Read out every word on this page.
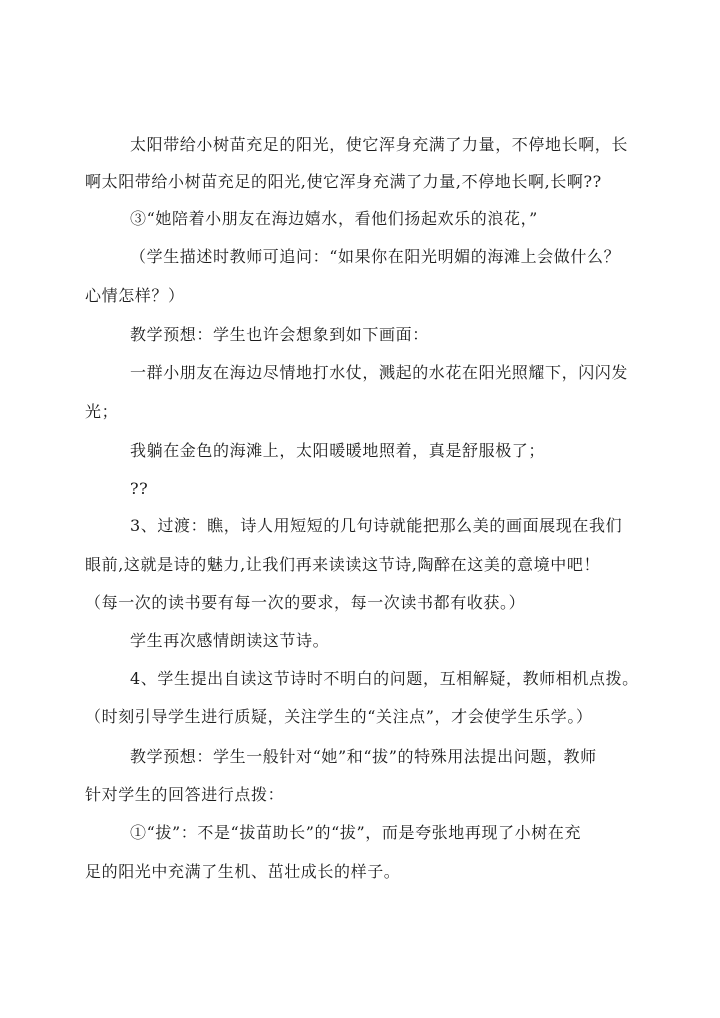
太阳带给小树苗充足的阳光，使它浑身充满了力量，不停地长啊，长
啊太阳带给小树苗充足的阳光,使它浑身充满了力量,不停地长啊,长啊??
③“她陪着小朋友在海边嬉水，看他们扬起欢乐的浪花，”
（学生描述时教师可追问：“如果你在阳光明媚的海滩上会做什么？
心情怎样？）
教学预想：学生也许会想象到如下画面：
一群小朋友在海边尽情地打水仗，溅起的水花在阳光照耀下，闪闪发
光；
我躺在金色的海滩上，太阳暖暖地照着，真是舒服极了；
??
3、过渡：瞧，诗人用短短的几句诗就能把那么美的画面展现在我们
眼前,这就是诗的魅力,让我们再来读读这节诗,陶醉在这美的意境中吧！
（每一次的读书要有每一次的要求，每一次读书都有收获。）
学生再次感情朗读这节诗。
4、学生提出自读这节诗时不明白的问题，互相解疑，教师相机点拨。
（时刻引导学生进行质疑，关注学生的“关注点”，才会使学生乐学。）
教学预想：学生一般针对“她”和“拔”的特殊用法提出问题，教师
针对学生的回答进行点拨：
①“拔”：不是“拔苗助长”的“拔”，而是夸张地再现了小树在充
足的阳光中充满了生机、茁壮成长的样子。
